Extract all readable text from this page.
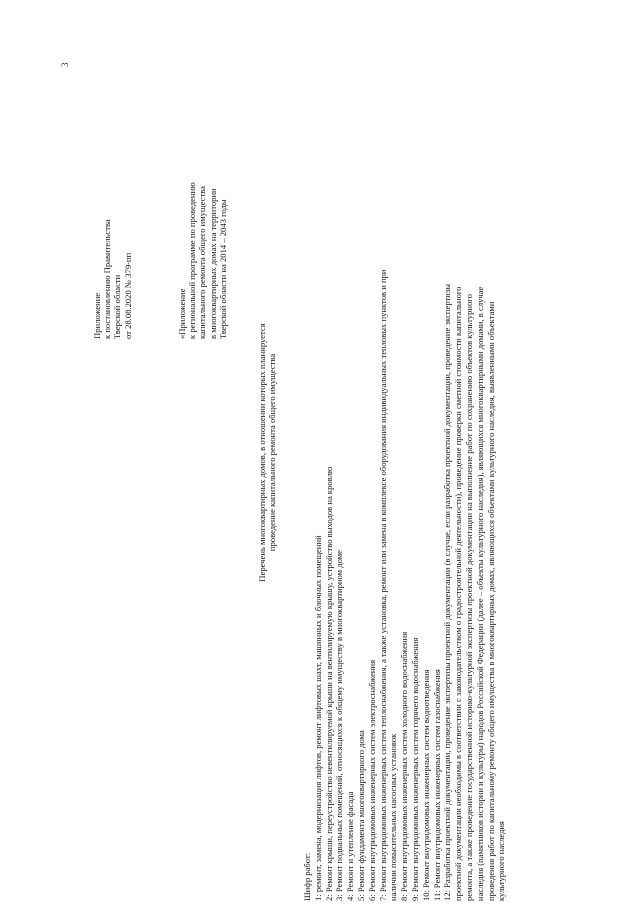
3
Приложение к постановлению Правительства Тверской области от 28.08.2020 № 379-пп	«Приложение к региональной программе по проведению капитального ремонта общего имущества в многоквартирных домах на территории Тверской области на 2014 – 2043 годы
Перечень многоквартирных домов, в отношении которых планируется проведение капитального ремонта общего имущества
Шифр работ: 1: ремонт, замена, модернизация лифтов, ремонт лифтовых шахт, машинных и блочных помещений 2: Ремонт крыши, переустройство невентилируемой крыши на вентилируемую крышу, устройство выходов на кровлю 3: Ремонт подвальных помещений, относящихся к общему имуществу в многоквартирном доме 4: Ремонт и утепление фасада 5: Ремонт фундамента многоквартирного дома 6: Ремонт внутридомовых инженерных систем электроснабжения 7: Ремонт внутридомовых инженерных систем теплоснабжения, а также установка, ремонт или замена в комплексе оборудования индивидуальных тепловых пунктов и при наличии повысительных насосных установок 8: Ремонт внутридомовых инженерных систем холодного водоснабжения 9: Ремонт внутридомовых инженерных систем горячего водоснабжения 10: Ремонт внутридомовых инженерных систем водоотведения 11: Ремонт внутридомовых инженерных систем газоснабжения 12: Разработка проектной документации, проведение экспертизы проектной документации (в случае, если разработка проектной документации, проведение экспертизы проектной документации необходимы в соответствии с законодательством о градостроительной деятельности), проведение проверки сметной стоимости капитального ремонта, а также проведение государственной историко-культурной экспертизы проектной документации на выполнение работ по сохранению объектов культурного наследия (памятников истории и культуры) народов Российской Федерации (далее – объекты культурного наследия), являющихся многоквартирными домами, в случае проведения работ по капитальному ремонту общего имущества в многоквартирных домах, являющихся объектами культурного наследия, выявленными объектами культурного наследия
